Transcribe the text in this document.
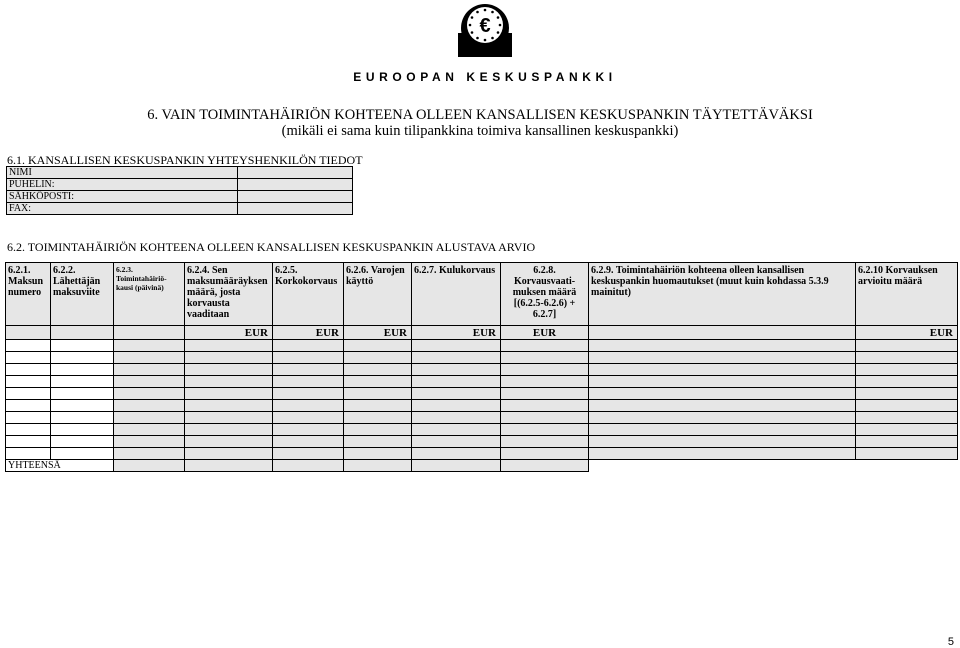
€
EUROOPAN KESKUSPANKKI
6. VAIN TOIMINTAHÄIRIÖN KOHTEENA OLLEEN KANSALLISEN KESKUSPANKIN TÄYTETTÄVÄKSI
(mikäli ei sama kuin tilipankkina toimiva kansallinen keskuspankki)
6.1. KANSALLISEN KESKUSPANKIN YHTEYSHENKILÖN TIEDOT
NIMI	
PUHELIN:	
SÄHKÖPOSTI:	
FAX:	
6.2. TOIMINTAHÄIRIÖN KOHTEENA OLLEEN KANSALLISEN KESKUSPANKIN ALUSTAVA ARVIO
6.2.1. Maksun numero	6.2.2. Lähettäjän maksuviite	6.2.3. Toimintahäiriö-kausi (päivinä)	6.2.4. Sen maksumääräyksen määrä, josta korvausta vaaditaan	6.2.5. Korkokorvaus	6.2.6. Varojen käyttö	6.2.7. Kulukorvaus	6.2.8. Korvausvaati-muksen määrä [(6.2.5-6.2.6) + 6.2.7]	6.2.9. Toimintahäiriön kohteena olleen kansallisen keskuspankin huomautukset (muut kuin kohdassa 5.3.9 mainitut)	6.2.10 Korvauksen arvioitu määrä
			EUR	EUR	EUR	EUR	EUR		EUR

YHTEENSÄ									
5
